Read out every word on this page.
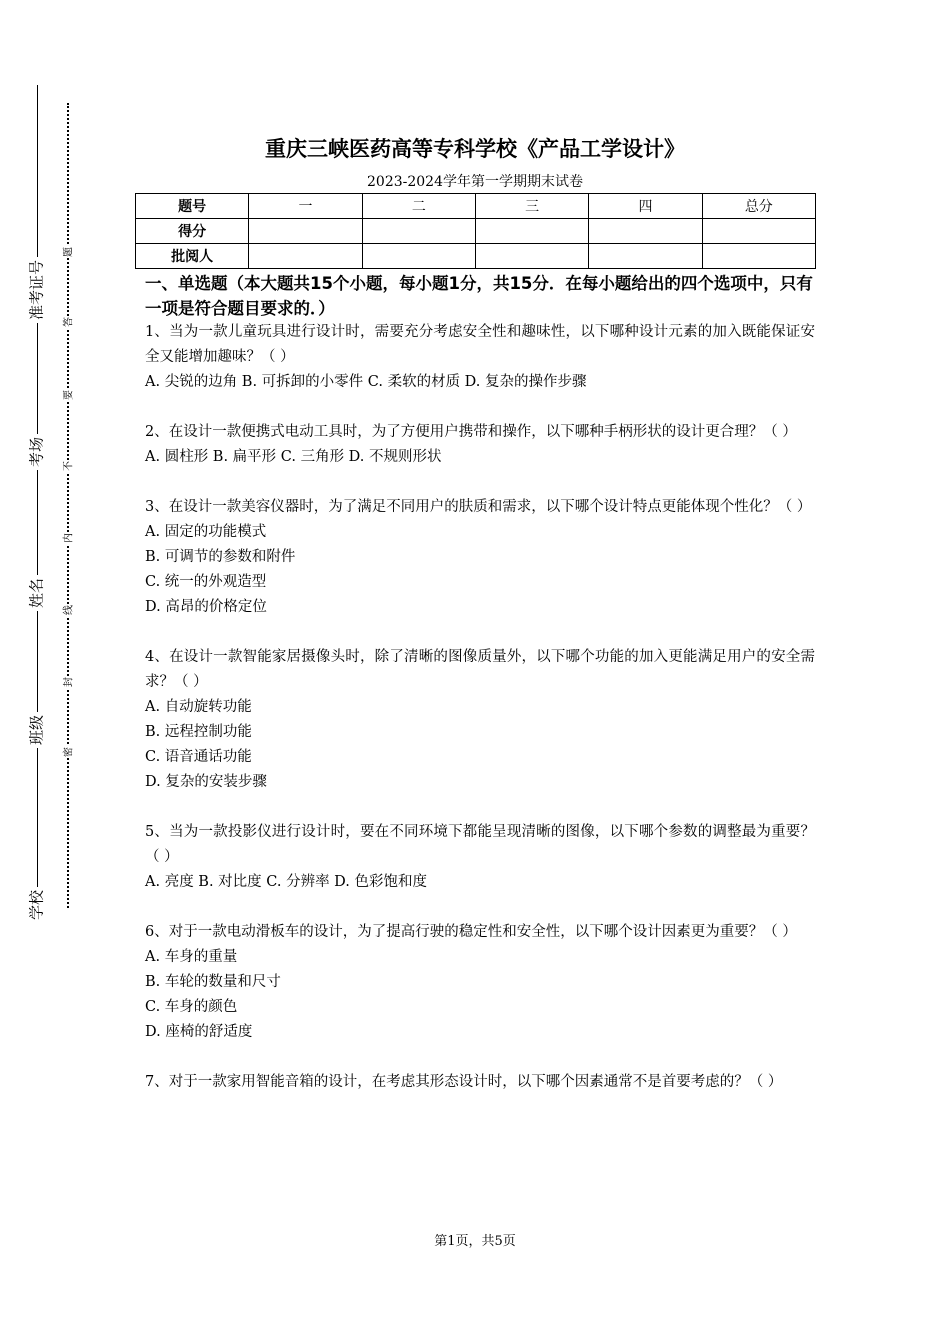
准考证号
考场
姓名
班级
学校
题
答
要
不
内
线
封
密
重庆三峡医药高等专科学校《产品工学设计》
2023-2024学年第一学期期末试卷
题号	一	二	三	四	总分
得分					
批阅人					
一、单选题（本大题共15个小题，每小题1分，共15分．在每小题给出的四个选项中，只有一项是符合题目要求的．）
1、当为一款儿童玩具进行设计时，需要充分考虑安全性和趣味性，以下哪种设计元素的加入既能保证安全又能增加趣味？（ ）
A. 尖锐的边角 B. 可拆卸的小零件 C. 柔软的材质 D. 复杂的操作步骤
2、在设计一款便携式电动工具时，为了方便用户携带和操作，以下哪种手柄形状的设计更合理？（ ）
A. 圆柱形 B. 扁平形 C. 三角形 D. 不规则形状
3、在设计一款美容仪器时，为了满足不同用户的肤质和需求，以下哪个设计特点更能体现个性化？（ ）
A. 固定的功能模式
B. 可调节的参数和附件
C. 统一的外观造型
D. 高昂的价格定位
4、在设计一款智能家居摄像头时，除了清晰的图像质量外，以下哪个功能的加入更能满足用户的安全需求？（ ）
A. 自动旋转功能
B. 远程控制功能
C. 语音通话功能
D. 复杂的安装步骤
5、当为一款投影仪进行设计时，要在不同环境下都能呈现清晰的图像，以下哪个参数的调整最为重要？（ ）
A. 亮度 B. 对比度 C. 分辨率 D. 色彩饱和度
6、对于一款电动滑板车的设计，为了提高行驶的稳定性和安全性，以下哪个设计因素更为重要？（ ）
A. 车身的重量
B. 车轮的数量和尺寸
C. 车身的颜色
D. 座椅的舒适度
7、对于一款家用智能音箱的设计，在考虑其形态设计时，以下哪个因素通常不是首要考虑的？（ ）
第1页，共5页
